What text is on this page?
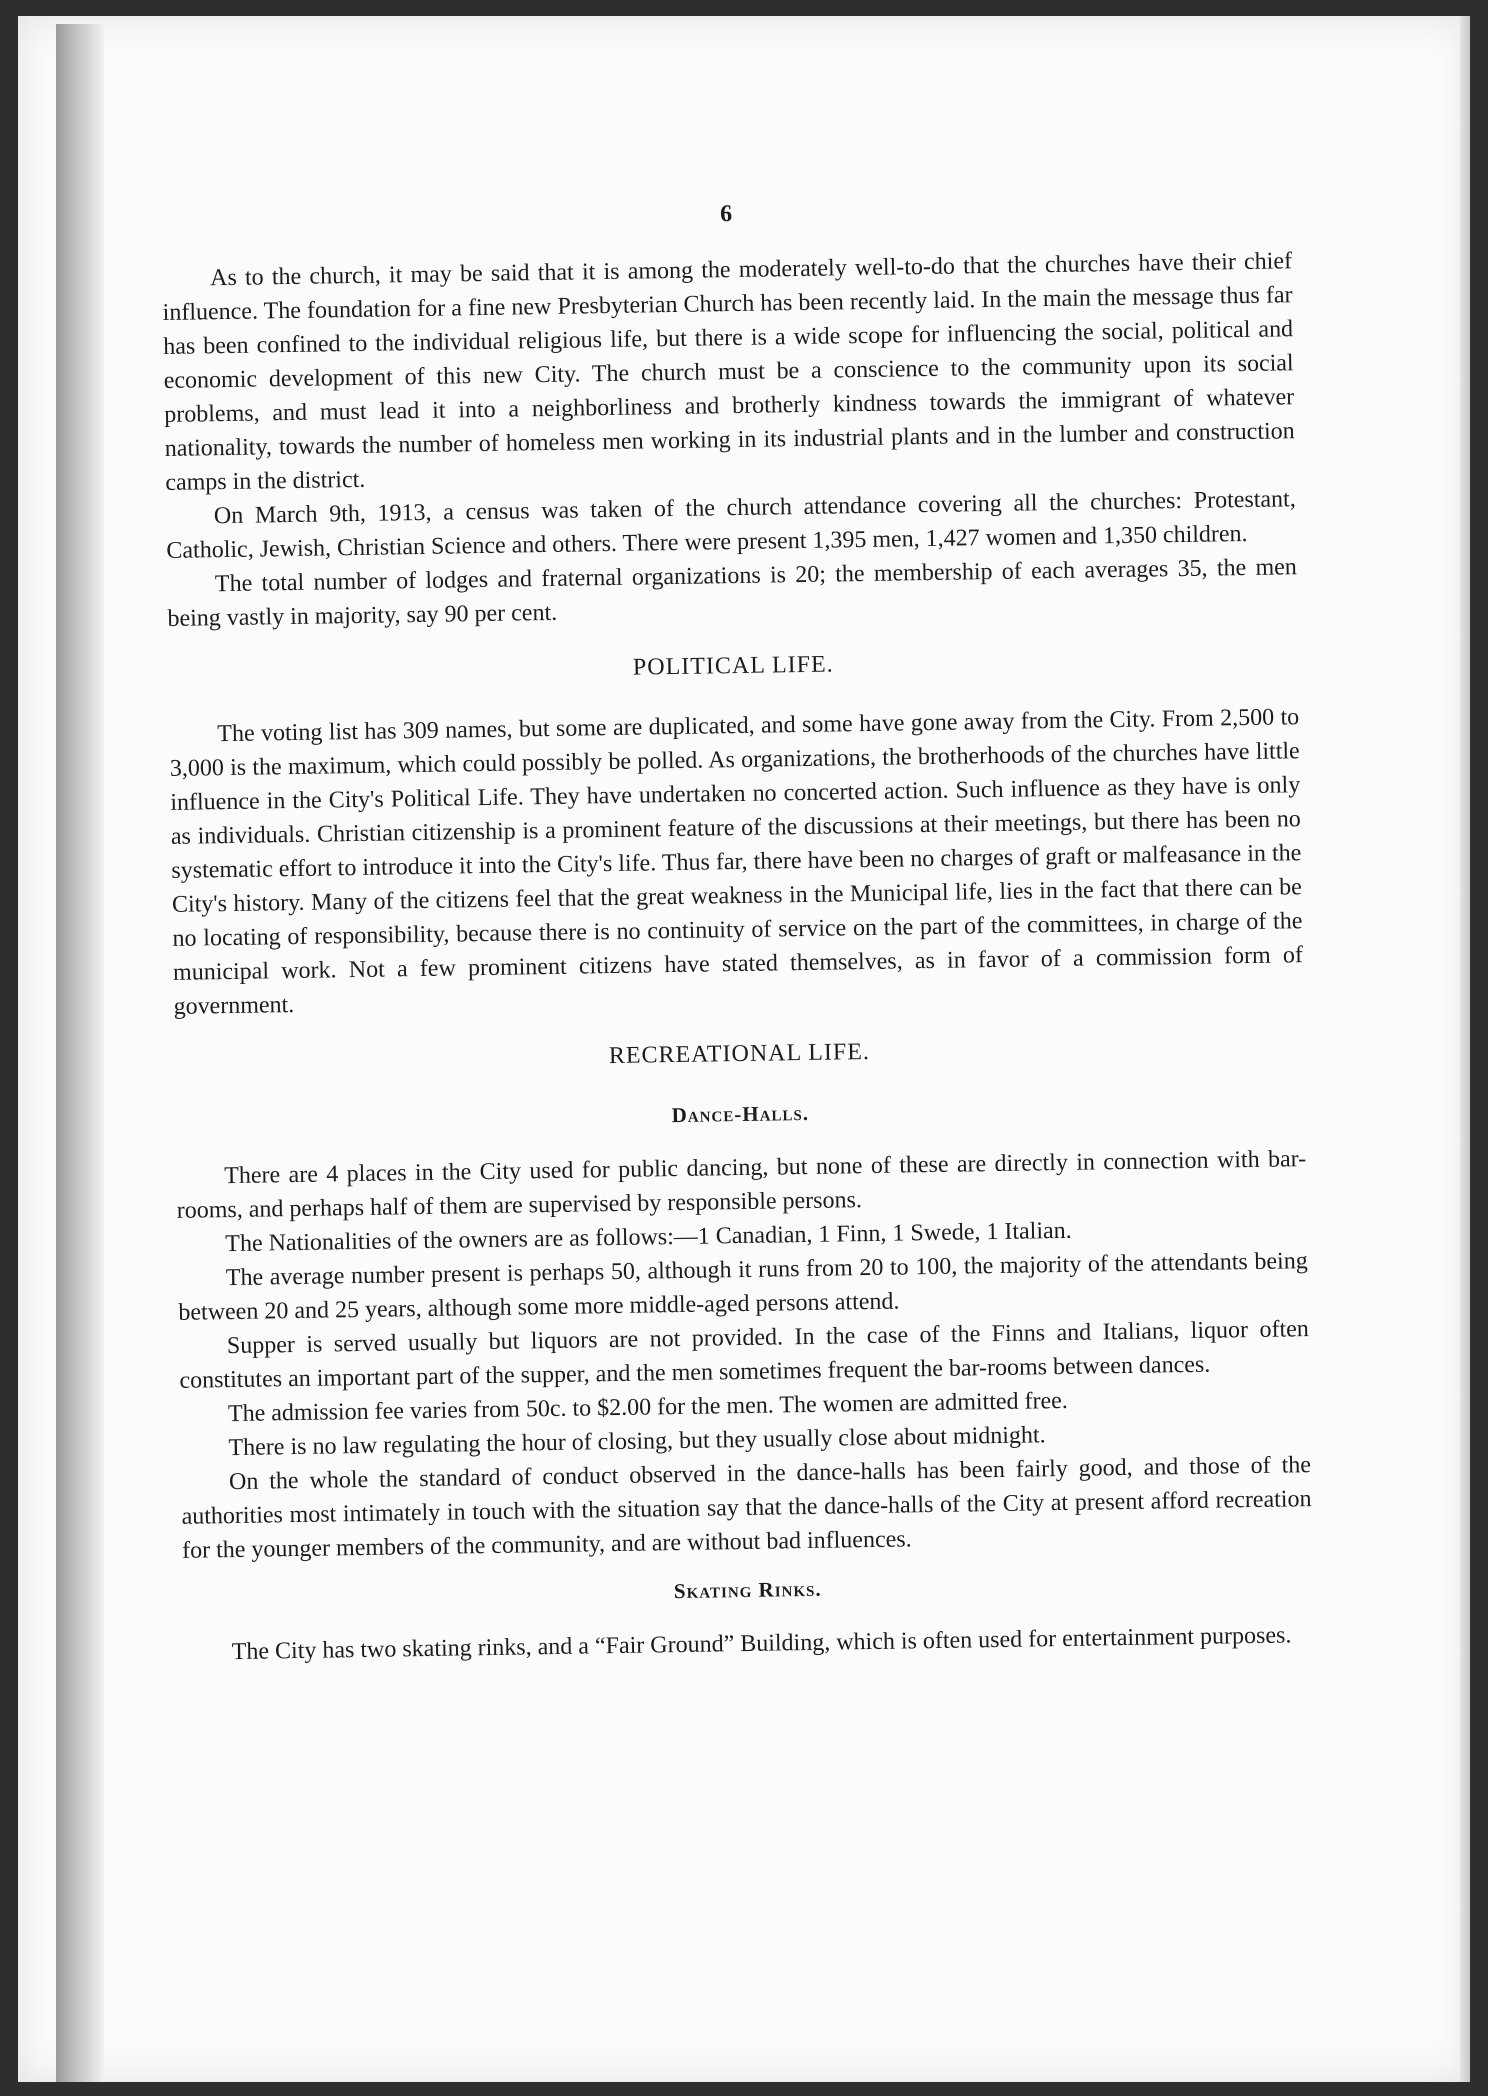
6

As to the church, it may be said that it is among the moderately well-to-do that the churches have their chief influence. The foundation for a fine new Presbyterian Church has been recently laid. In the main the message thus far has been confined to the individual religious life, but there is a wide scope for influencing the social, political and economic development of this new City. The church must be a conscience to the community upon its social problems, and must lead it into a neighborliness and brotherly kindness towards the immigrant of whatever nationality, towards the number of homeless men working in its industrial plants and in the lumber and construction camps in the district.

On March 9th, 1913, a census was taken of the church attendance covering all the churches: Protestant, Catholic, Jewish, Christian Science and others. There were present 1,395 men, 1,427 women and 1,350 children.

The total number of lodges and fraternal organizations is 20; the membership of each averages 35, the men being vastly in majority, say 90 per cent.

POLITICAL LIFE.

The voting list has 309 names, but some are duplicated, and some have gone away from the City. From 2,500 to 3,000 is the maximum, which could possibly be polled. As organizations, the brotherhoods of the churches have little influence in the City's Political Life. They have undertaken no concerted action. Such influence as they have is only as individuals. Christian citizenship is a prominent feature of the discussions at their meetings, but there has been no systematic effort to introduce it into the City's life. Thus far, there have been no charges of graft or malfeasance in the City's history. Many of the citizens feel that the great weakness in the Municipal life, lies in the fact that there can be no locating of responsibility, because there is no continuity of service on the part of the committees, in charge of the municipal work. Not a few prominent citizens have stated themselves, as in favor of a commission form of government.

RECREATIONAL LIFE.
Dance-Halls.

There are 4 places in the City used for public dancing, but none of these are directly in connection with bar-rooms, and perhaps half of them are supervised by responsible persons.

The Nationalities of the owners are as follows:—1 Canadian, 1 Finn, 1 Swede, 1 Italian.

The average number present is perhaps 50, although it runs from 20 to 100, the majority of the attendants being between 20 and 25 years, although some more middle-aged persons attend.

Supper is served usually but liquors are not provided. In the case of the Finns and Italians, liquor often constitutes an important part of the supper, and the men sometimes frequent the bar-rooms between dances.

The admission fee varies from 50c. to $2.00 for the men. The women are admitted free.

There is no law regulating the hour of closing, but they usually close about midnight.

On the whole the standard of conduct observed in the dance-halls has been fairly good, and those of the authorities most intimately in touch with the situation say that the dance-halls of the City at present afford recreation for the younger members of the community, and are without bad influences.

Skating Rinks.

The City has two skating rinks, and a “Fair Ground” Building, which is often used for entertainment purposes.
